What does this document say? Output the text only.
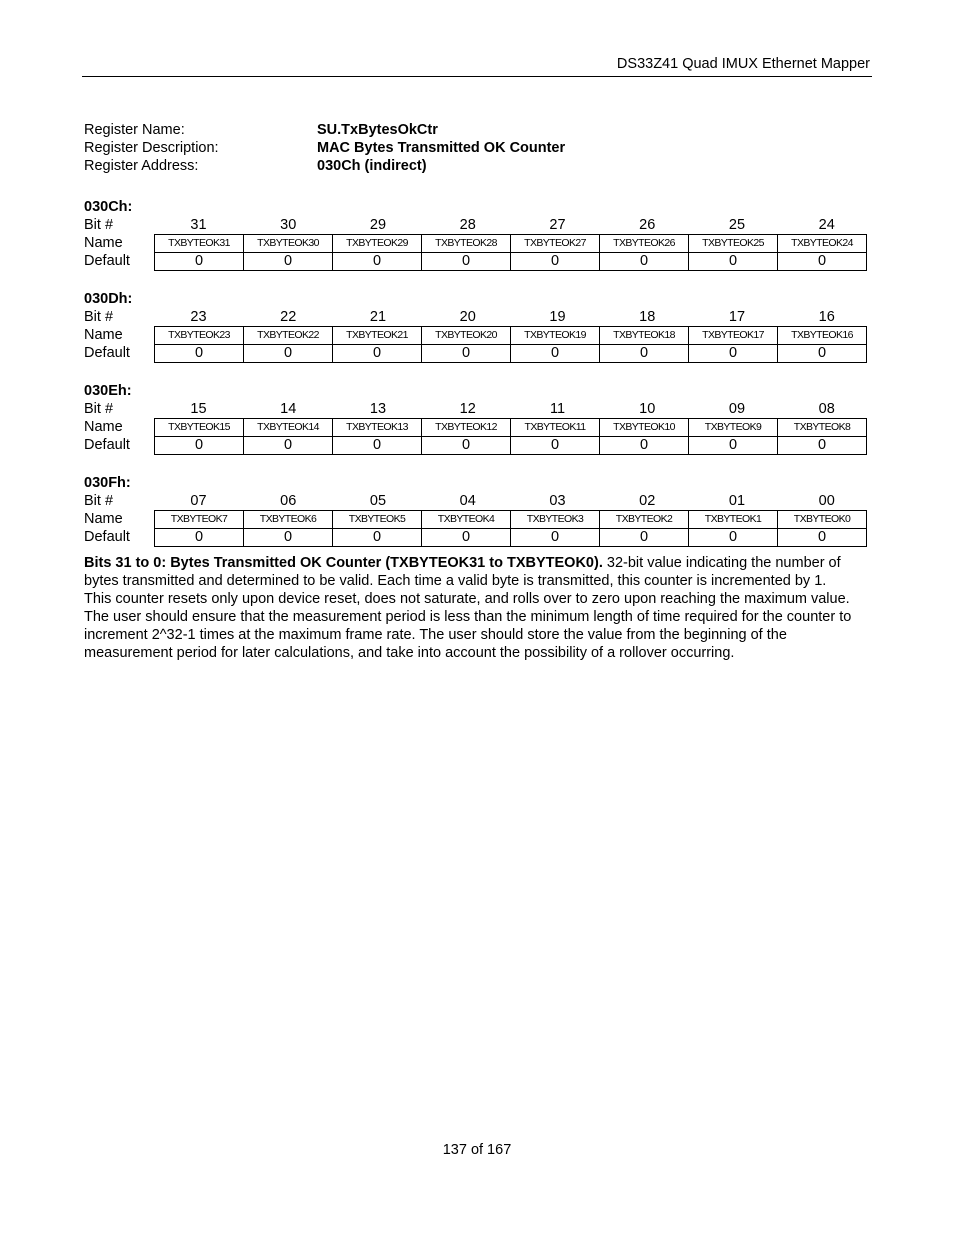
DS33Z41 Quad IMUX Ethernet Mapper
Register Name:	SU.TxBytesOkCtr
Register Description:	MAC Bytes Transmitted OK Counter
Register Address:	030Ch (indirect)
030Ch:
Bit #	31	30	29	28	27	26	25	24
Name	TXBYTEOK31	TXBYTEOK30	TXBYTEOK29	TXBYTEOK28	TXBYTEOK27	TXBYTEOK26	TXBYTEOK25	TXBYTEOK24
Default	0	0	0	0	0	0	0	0
030Dh:
Bit #	23	22	21	20	19	18	17	16
Name	TXBYTEOK23	TXBYTEOK22	TXBYTEOK21	TXBYTEOK20	TXBYTEOK19	TXBYTEOK18	TXBYTEOK17	TXBYTEOK16
Default	0	0	0	0	0	0	0	0
030Eh:
Bit #	15	14	13	12	11	10	09	08
Name	TXBYTEOK15	TXBYTEOK14	TXBYTEOK13	TXBYTEOK12	TXBYTEOK11	TXBYTEOK10	TXBYTEOK9	TXBYTEOK8
Default	0	0	0	0	0	0	0	0
030Fh:
Bit #	07	06	05	04	03	02	01	00
Name	TXBYTEOK7	TXBYTEOK6	TXBYTEOK5	TXBYTEOK4	TXBYTEOK3	TXBYTEOK2	TXBYTEOK1	TXBYTEOK0
Default	0	0	0	0	0	0	0	0
Bits 31 to 0: Bytes Transmitted OK Counter (TXBYTEOK31 to TXBYTEOK0). 32-bit value indicating the number of bytes transmitted and determined to be valid. Each time a valid byte is transmitted, this counter is incremented by 1. This counter resets only upon device reset, does not saturate, and rolls over to zero upon reaching the maximum value. The user should ensure that the measurement period is less than the minimum length of time required for the counter to increment 2^32-1 times at the maximum frame rate. The user should store the value from the beginning of the measurement period for later calculations, and take into account the possibility of a rollover occurring.
137 of 167
